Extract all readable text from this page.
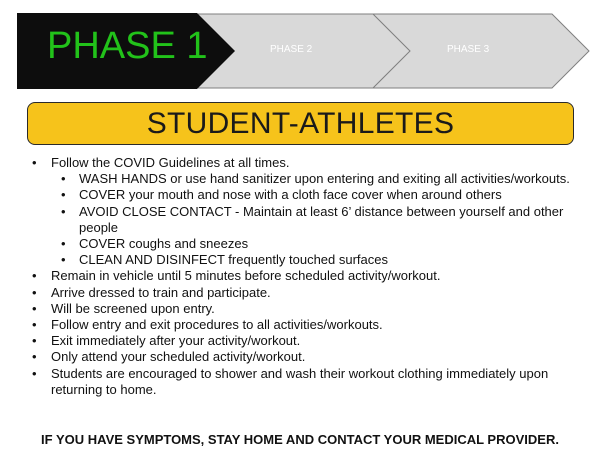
PHASE 1	PHASE 2	PHASE 3
STUDENT-ATHLETES
• Follow the COVID Guidelines at all times.
• WASH HANDS or use hand sanitizer upon entering and exiting all activities/workouts.
• COVER your mouth and nose with a cloth face cover when around others
• AVOID CLOSE CONTACT - Maintain at least 6’ distance between yourself and other people
• COVER coughs and sneezes
• CLEAN AND DISINFECT frequently touched surfaces
• Remain in vehicle until 5 minutes before scheduled activity/workout.
• Arrive dressed to train and participate.
• Will be screened upon entry.
• Follow entry and exit procedures to all activities/workouts.
• Exit immediately after your activity/workout.
• Only attend your scheduled activity/workout.
• Students are encouraged to shower and wash their workout clothing immediately upon returning to home.
IF YOU HAVE SYMPTOMS, STAY HOME AND CONTACT YOUR MEDICAL PROVIDER.
